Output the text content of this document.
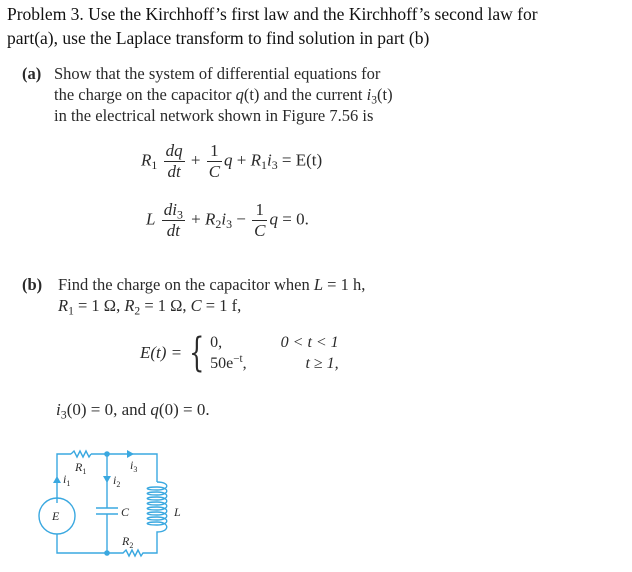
Problem 3. Use the Kirchhoff’s first law and the Kirchhoff’s second law for
part(a), use the Laplace transform to find solution in part (b)
(a) Show that the system of differential equations for
the charge on the capacitor q(t) and the current $i_3(t)$
in the electrical network shown in Figure 7.56 is
$R_1 \frac{dq}{dt} + \frac{1}{C}$ $q + R_1i_3 = E(t)$
L $\frac{di_3}{dt} + R_2i_3 - \frac{1}{C}$ q = 0.
(b) Find the charge on the capacitor when L = 1 h,
$R_1 = 1$ Ω, $R_2 = 1$ Ω, C = 1 f,
E(t) = { 0,	0 < t < 1
$50e^{-t}$,	t ≥ 1,
$i_3(0) = 0$, and q(0) = 0.
$R_1$
$i_1$	$i_2$
$i_3$
E	C	L
$R_2$
